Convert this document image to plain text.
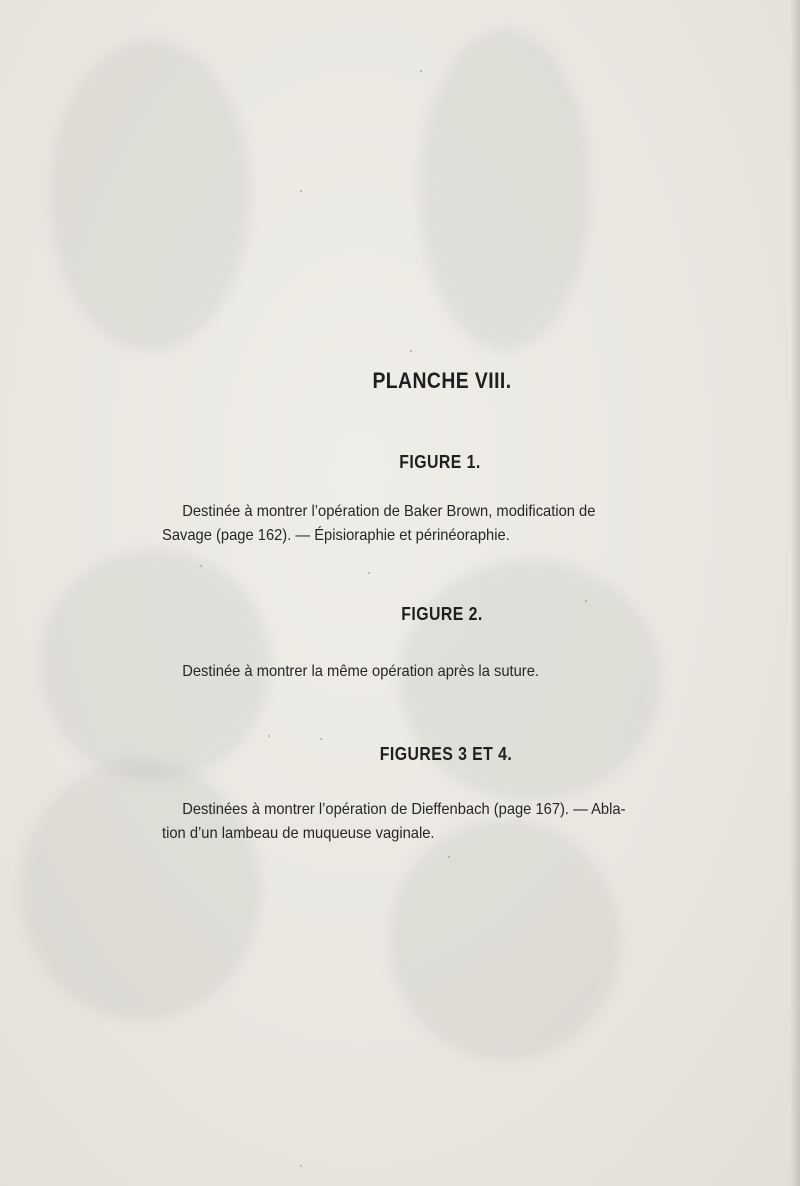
PLANCHE VIII.
FIGURE 1.
Destinée à montrer l’opération de Baker Brown, modification de
Savage (page 162). — Épisioraphie et périnéoraphie.
FIGURE 2.
Destinée à montrer la même opération après la suture.
FIGURES 3 ET 4.
Destinées à montrer l’opération de Dieffenbach (page 167). — Abla-
tion d’un lambeau de muqueuse vaginale.
